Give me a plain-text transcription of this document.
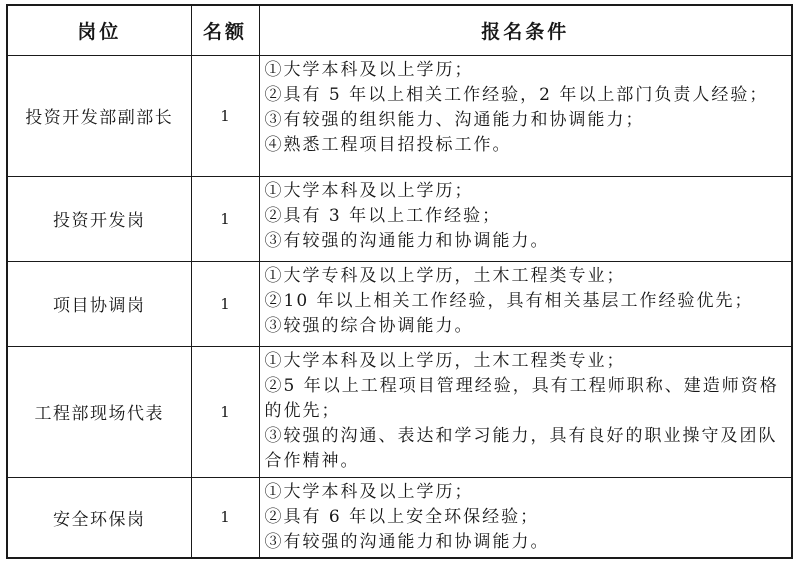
岗位	名额	报名条件
投资开发部副部长	1	①大学本科及以上学历；
②具有 5 年以上相关工作经验，2 年以上部门负责人经验；
③有较强的组织能力、沟通能力和协调能力；
④熟悉工程项目招投标工作。

投资开发岗	1	①大学本科及以上学历；
②具有 3 年以上工作经验；
③有较强的沟通能力和协调能力。

项目协调岗	1	①大学专科及以上学历，土木工程类专业；
②10 年以上相关工作经验，具有相关基层工作经验优先；
③较强的综合协调能力。

工程部现场代表	1	①大学本科及以上学历，土木工程类专业；
②5 年以上工程项目管理经验，具有工程师职称、建造师资格的优先；
③较强的沟通、表达和学习能力，具有良好的职业操守及团队合作精神。

安全环保岗	1	①大学本科及以上学历；
②具有 6 年以上安全环保经验；
③有较强的沟通能力和协调能力。
